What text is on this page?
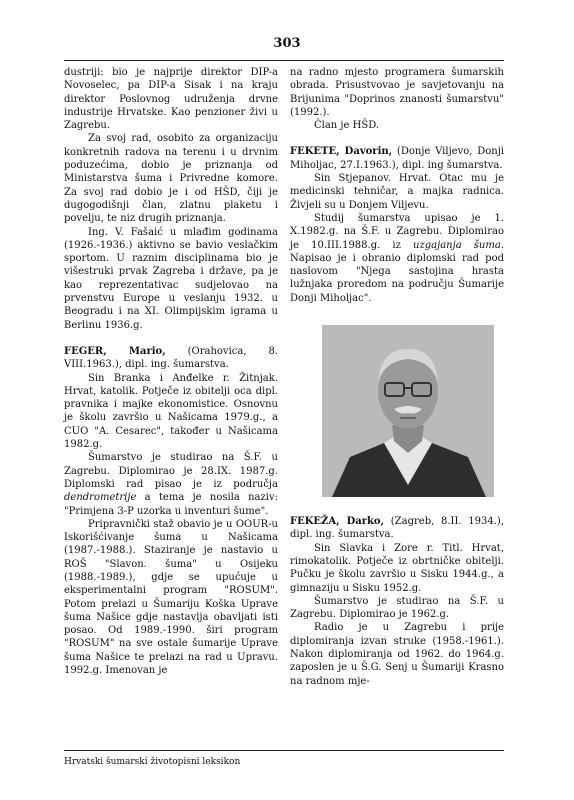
303

dustriji: bio je najprije direktor DIP-a Novoselec, pa DIP-a Sisak i na kraju direktor Poslovnog udruženja drvne industrije Hrvatske. Kao penzioner živi u Zagrebu.

Za svoj rad, osobito za organizaciju konkretnih radova na terenu i u drvnim poduzećima, dobio je priznanja od Ministarstva šuma i Privredne komore. Za svoj rad dobio je i od HŠD, čiji je dugogodišnji član, zlatnu plaketu i povelju, te niz drugih priznanja.

Ing. V. Fašaić u mlađim godinama (1926.-1936.) aktivno se bavio veslačkim sportom. U raznim disciplinama bio je višestruki prvak Zagreba i države, pa je kao reprezentativac sudjelovao na prvenstvu Europe u veslanju 1932. u Beogradu i na XI. Olimpijskim igrama u Berlinu 1936.g.

FEGER, Mario, (Orahovica, 8. VIII.1963.), dipl. ing. šumarstva.

Sin Branka i Anđelke r. Žitnjak. Hrvat, katolik. Potječe iz obitelji oca dipl. pravnika i majke ekonomistice. Osnovnu je školu završio u Našicama 1979.g., a CUO "A. Cesarec", također u Našicama 1982.g.

Šumarstvo je studirao na Š.F. u Zagrebu. Diplomirao je 28.IX. 1987.g. Diplomski rad pisao je iz područja dendrometrije a tema je nosila naziv: "Primjena 3-P uzorka u inventuri šume".

Pripravnički staž obavio je u OOUR-u Iskorišćivanje šuma u Našicama (1987.-1988.). Staziranje je nastavio u ROŠ "Slavon. šuma" u Osijeku (1988.-1989.), gdje se upućuje u eksperimentalni program "ROSUM". Potom prelazi u Šumariju Koška Uprave šuma Našice gdje nastavlja obavljati isti posao. Od 1989.-1990. širi program "ROSUM" na sve ostale šumarije Uprave šuma Našice te prelazi na rad u Upravu. 1992.g. Imenovan je

na radno mjesto programera šumarskih obrada. Prisustvovao je savjetovanju na Brijunima "Doprinos znanosti šumarstvu" (1992.).

Član je HŠD.

FEKETE, Davorin, (Donje Viljevo, Donji Miholjac, 27.I.1963.), dipl. ing šumarstva.

Sin Stjepanov. Hrvat. Otac mu je medicinski tehničar, a majka radnica. Živjeli su u Donjem Viljevu.

Studij šumarstva upisao je 1. X.1982.g. na Š.F. u Zagrebu. Diplomirao je 10.III.1988.g. iz uzgajanja šuma. Napisao je i obranio diplomski rad pod naslovom "Njega sastojina hrasta lužnjaka proredom na području Šumarije Donji Miholjac".

FEKEŽA, Darko, (Zagreb, 8.II. 1934.), dipl. ing. šumarstva.

Sin Slavka i Zore r. Titl. Hrvat, rimokatolik. Potječe iz obrtničke obitelji. Pučku je školu završio u Sisku 1944.g., a gimnaziju u Sisku 1952.g.

Šumarstvo je studirao na Š.F. u Zagrebu. Diplomirao je 1962.g.

Radio je u Zagrebu i prije diplomiranja izvan struke (1958.-1961.). Nakon diplomiranja od 1962. do 1964.g. zaposlen je u Š.G. Senj u Šumariji Krasno na radnom mje-

Hrvatski šumarski životopisni leksikon
